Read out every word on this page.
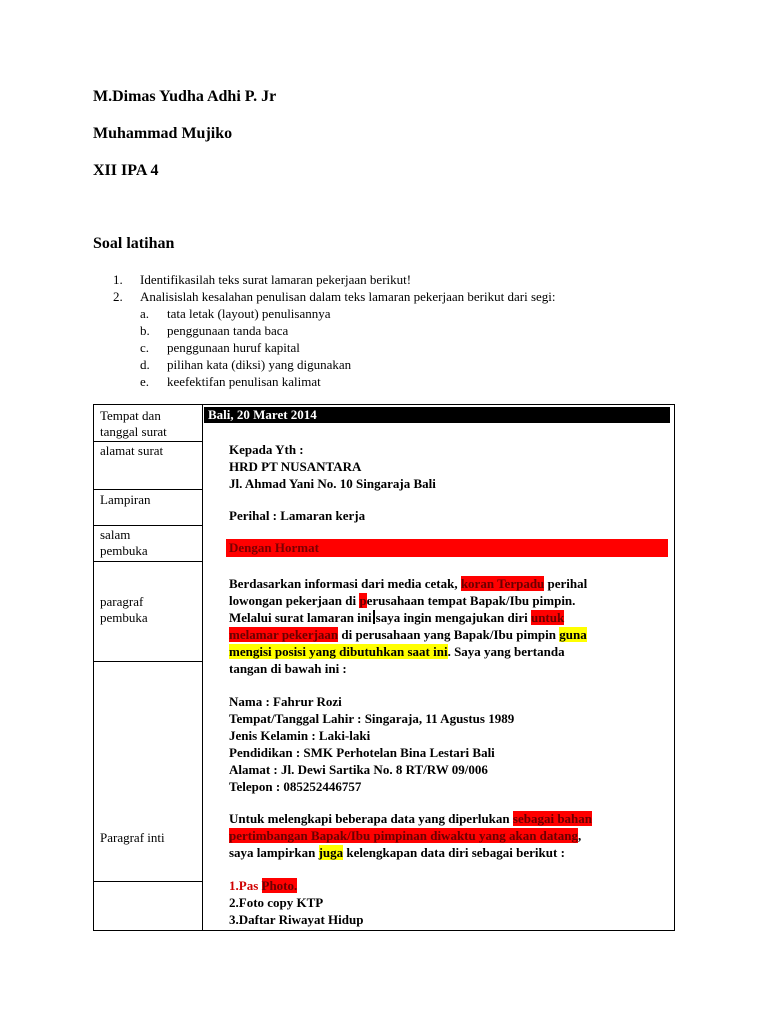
M.Dimas Yudha Adhi P. Jr
Muhammad Mujiko
XII IPA 4
Soal latihan
1. Identifikasilah teks surat lamaran pekerjaan berikut!
2. Analisislah kesalahan penulisan dalam teks lamaran pekerjaan berikut dari segi:
a. tata letak (layout) penulisannya
b. penggunaan tanda baca
c. penggunaan huruf kapital
d. pilihan kata (diksi) yang digunakan
e. keefektifan penulisan kalimat
Tempat dan tanggal surat
alamat surat
Lampiran
salam pembuka
paragraf pembuka
Paragraf inti
Bali, 20 Maret 2014
Kepada Yth :
HRD PT NUSANTARA
Jl. Ahmad Yani No. 10 Singaraja Bali
Perihal : Lamaran kerja
Dengan Hormat
Berdasarkan informasi dari media cetak, koran Terpadu perihal
lowongan pekerjaan di perusahaan tempat Bapak/Ibu pimpin.
Melalui surat lamaran ini saya ingin mengajukan diri untuk
melamar pekerjaan di perusahaan yang Bapak/Ibu pimpin guna
mengisi posisi yang dibutuhkan saat ini. Saya yang bertanda
tangan di bawah ini :
Nama : Fahrur Rozi
Tempat/Tanggal Lahir : Singaraja, 11 Agustus 1989
Jenis Kelamin : Laki-laki
Pendidikan : SMK Perhotelan Bina Lestari Bali
Alamat : Jl. Dewi Sartika No. 8 RT/RW 09/006
Telepon : 085252446757
Untuk melengkapi beberapa data yang diperlukan sebagai bahan
pertimbangan Bapak/Ibu pimpinan diwaktu yang akan datang,
saya lampirkan juga kelengkapan data diri sebagai berikut :
1.Pas Photo.
2.Foto copy KTP
3.Daftar Riwayat Hidup
